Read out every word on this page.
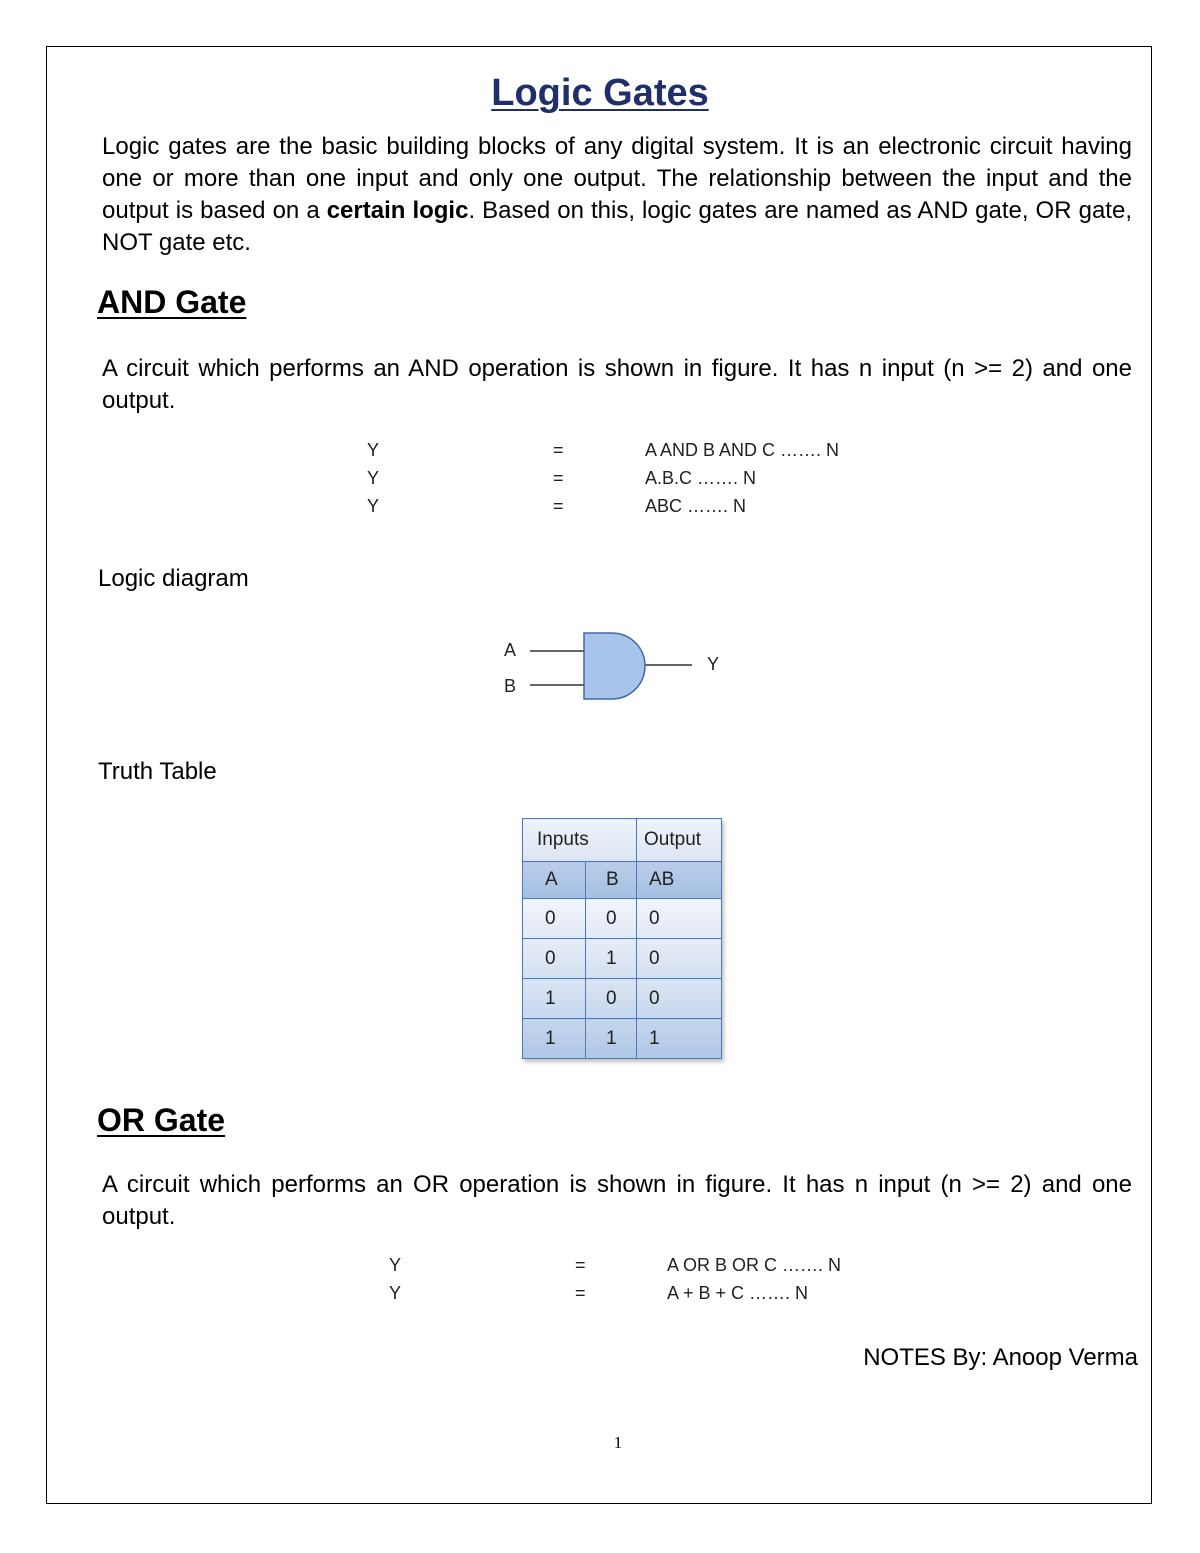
Logic Gates
Logic gates are the basic building blocks of any digital system. It is an electronic circuit having one or more than one input and only one output. The relationship between the input and the output is based on a certain logic. Based on this, logic gates are named as AND gate, OR gate, NOT gate etc.
AND Gate
A circuit which performs an AND operation is shown in figure. It has n input (n >= 2) and one output.
Y	=	A AND B AND C ……. N
Y	=	A.B.C ……. N
Y	=	ABC ……. N
Logic diagram
A
B
Y
Truth Table
Inputs		Output
A	B	AB
0	0	0
0	1	0
1	0	0
1	1	1
OR Gate
A circuit which performs an OR operation is shown in figure. It has n input (n >= 2) and one output.
Y	=	A OR B OR C ……. N
Y	=	A + B + C ……. N
NOTES By: Anoop Verma
1
